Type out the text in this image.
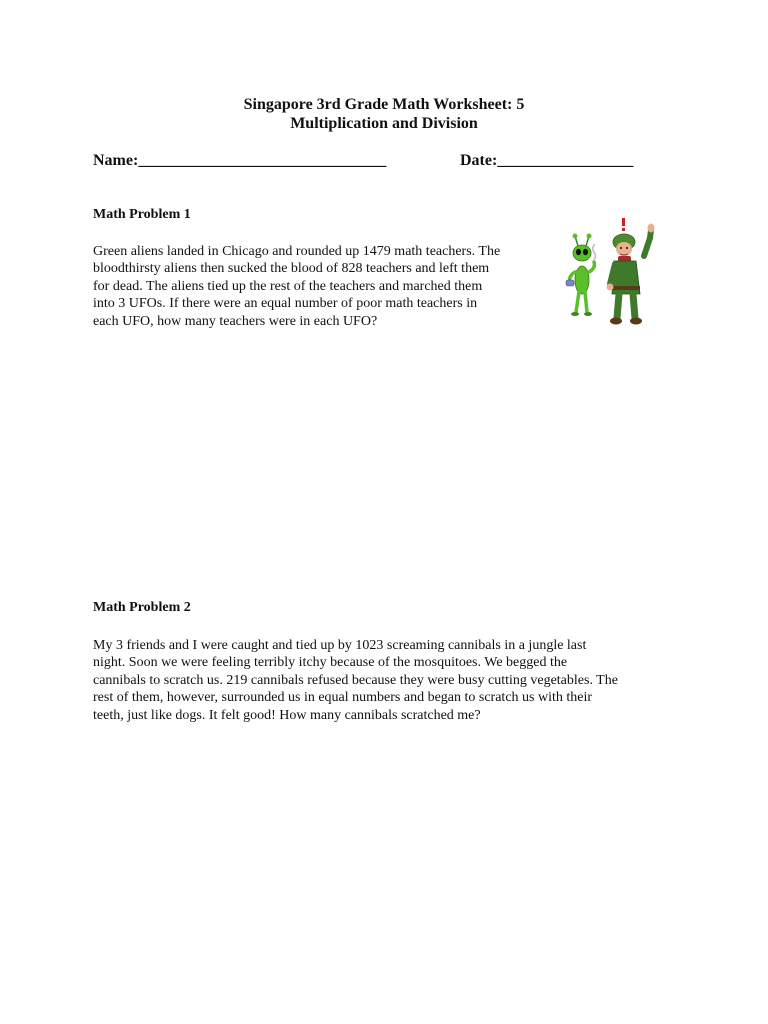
Singapore 3rd Grade Math Worksheet: 5
Multiplication and Division
Name:_______________________________	Date:_________________
Math Problem 1
Green aliens landed in Chicago and rounded up 1479 math teachers. The
bloodthirsty aliens then sucked the blood of 828 teachers and left them
for dead. The aliens tied up the rest of the teachers and marched them
into 3 UFOs. If there were an equal number of poor math teachers in
each UFO, how many teachers were in each UFO?
Math Problem 2
My 3 friends and I were caught and tied up by 1023 screaming cannibals in a jungle last
night. Soon we were feeling terribly itchy because of the mosquitoes. We begged the
cannibals to scratch us. 219 cannibals refused because they were busy cutting vegetables. The
rest of them, however, surrounded us in equal numbers and began to scratch us with their
teeth, just like dogs. It felt good! How many cannibals scratched me?
